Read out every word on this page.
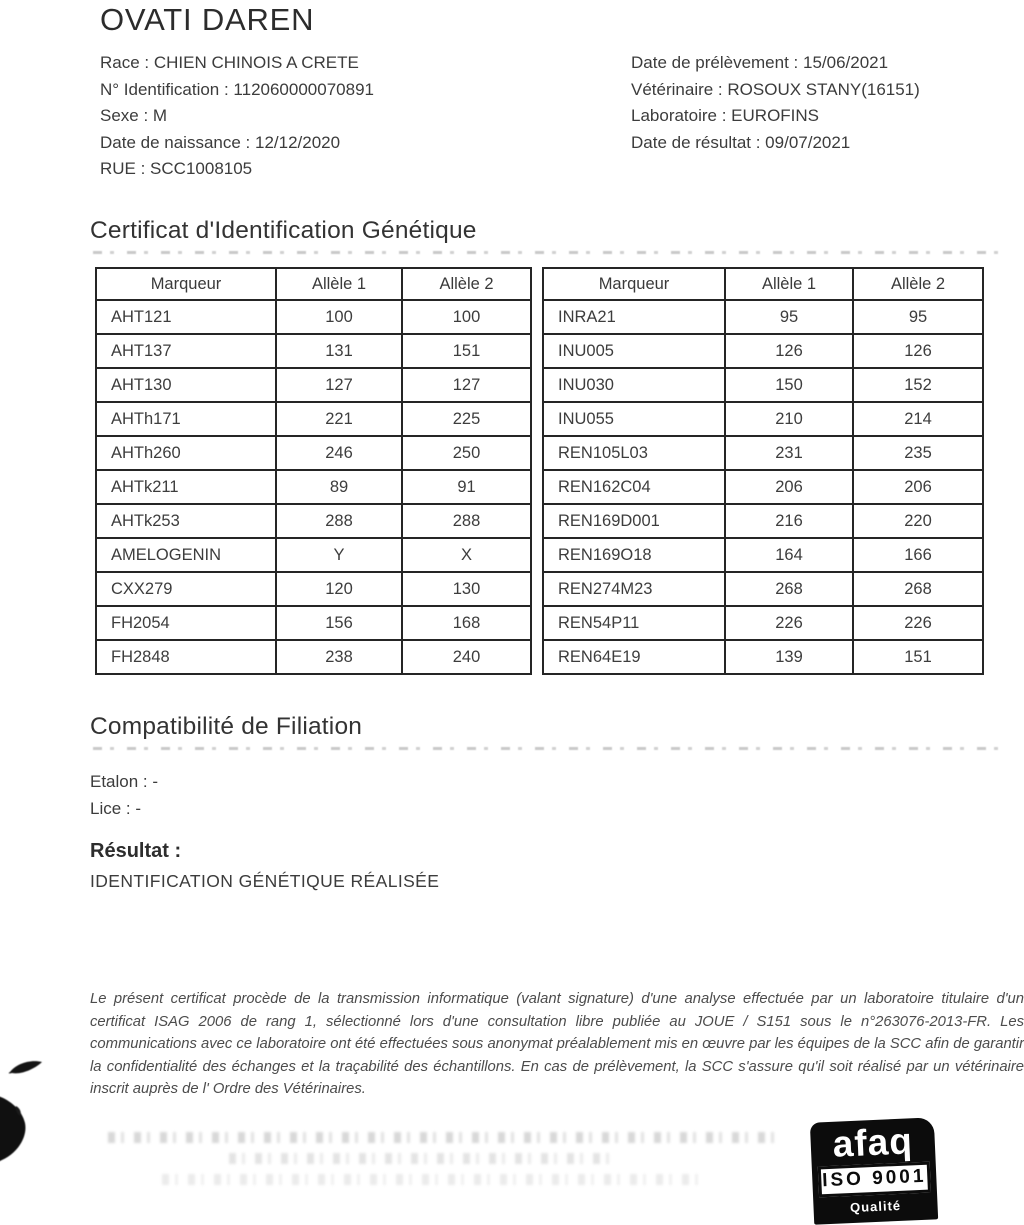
OVATI DAREN
Race : CHIEN CHINOIS A CRETE
N° Identification : 112060000070891
Sexe : M
Date de naissance : 12/12/2020
RUE : SCC1008105
Date de prélèvement : 15/06/2021
Vétérinaire : ROSOUX STANY(16151)
Laboratoire : EUROFINS
Date de résultat : 09/07/2021
Certificat d'Identification Génétique
Marqueur	Allèle 1	Allèle 2
AHT121	100	100
AHT137	131	151
AHT130	127	127
AHTh171	221	225
AHTh260	246	250
AHTk211	89	91
AHTk253	288	288
AMELOGENIN	Y	X
CXX279	120	130
FH2054	156	168
FH2848	238	240
Marqueur	Allèle 1	Allèle 2
INRA21	95	95
INU005	126	126
INU030	150	152
INU055	210	214
REN105L03	231	235
REN162C04	206	206
REN169D001	216	220
REN169O18	164	166
REN274M23	268	268
REN54P11	226	226
REN64E19	139	151
Compatibilité de Filiation
Etalon : -
Lice : -
Résultat :
IDENTIFICATION GÉNÉTIQUE RÉALISÉE

Le présent certificat procède de la transmission informatique (valant signature) d'une analyse effectuée par un laboratoire titulaire d'un certificat ISAG 2006 de rang 1, sélectionné lors d'une consultation libre publiée au JOUE / S151 sous le n°263076-2013-FR. Les communications avec ce laboratoire ont été effectuées sous anonymat préalablement mis en œuvre par les équipes de la SCC afin de garantir la confidentialité des échanges et la traçabilité des échantillons. En cas de prélèvement, la SCC s'assure qu'il soit réalisé par un vétérinaire inscrit auprès de l' Ordre des Vétérinaires.

afaq
ISO 9001
Qualité
